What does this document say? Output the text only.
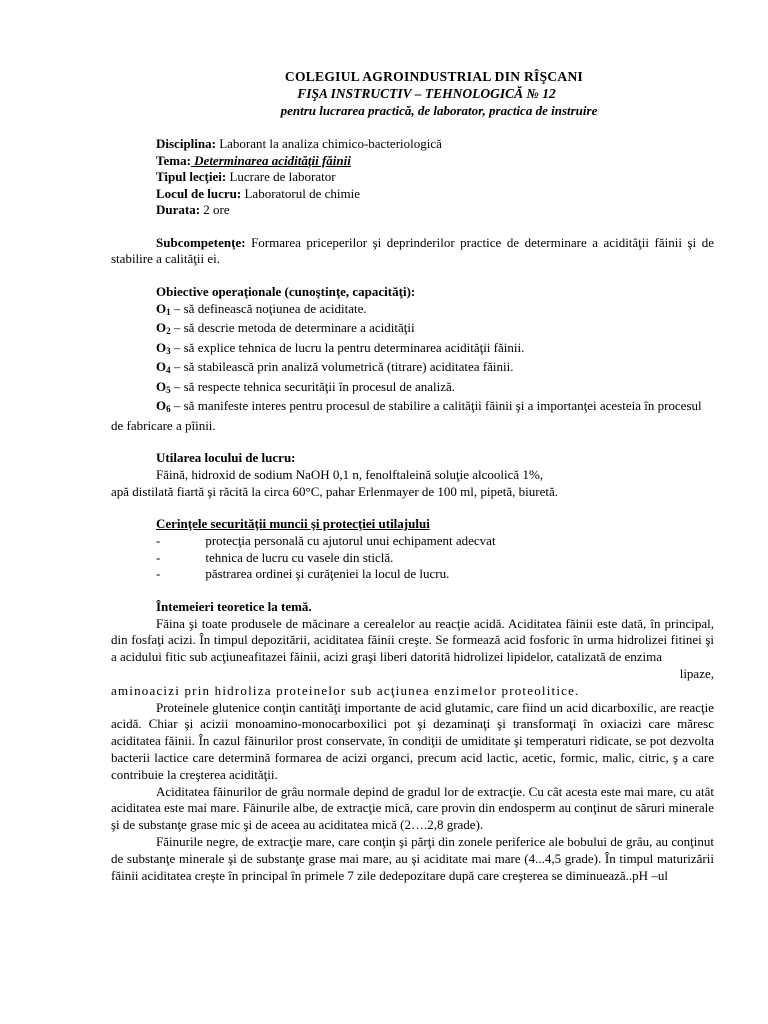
COLEGIUL AGROINDUSTRIAL DIN RÎŞCANI
FIŞA INSTRUCTIV – TEHNOLOGICĂ № 12
pentru lucrarea practică, de laborator, practica de instruire
Disciplina: Laborant la analiza chimico-bacteriologică
Tema: Determinarea acidităţii făinii
Tipul lecţiei: Lucrare de laborator
Locul de lucru: Laboratorul de chimie
Durata: 2 ore

Subcompetenţe: Formarea priceperilor şi deprinderilor practice de determinare a aciditâţii făinii şi de stabilire a calităţii ei.

Obiective operaţionale (cunoştinţe, capacităţi):
$O_1$ – să definească noţiunea de aciditate.
$O_2$ – să descrie metoda de determinare a acidităţii
$O_3$ – să explice tehnica de lucru la pentru determinarea acidităţii făinii.
$O_4$ – să stabilească prin analiză volumetrică (titrare) aciditatea făinii.
$O_5$ – să respecte tehnica securităţii în procesul de analiză.
$O_6$ – să manifeste interes pentru procesul de stabilire a calităţii făinii şi a importanţei acesteia în procesul de fabricare a pîinii.
Utilarea locului de lucru:
Făină, hidroxid de sodium NaOH 0,1 n, fenolftaleină soluţie alcoolică 1%,
apă distilată fiartă şi răcită la circa 60°C, pahar Erlenmayer de 100 ml, pipetă, biuretă.
Cerinţele securităţii muncii şi protecţiei utilajului
-	protecţia personală cu ajutorul unui echipament adecvat
-	tehnica de lucru cu vasele din sticlă.
-	păstrarea ordinei şi curăţeniei la locul de lucru.
Întemeieri teoretice la temă.

Făina şi toate produsele de măcinare a cerealelor au reacţie acidă. Aciditatea făinii este dată, în principal, din fosfaţi acizi. În timpul depozitării, aciditatea făinii creşte. Se formează acid fosforic în urma hidrolizei fitinei şi a acidului fitic sub acţiuneafitazei făinii, acizi graşi liberi datorită hidrolizei lipidelor, catalizată de enzima

lipaze,

aminoacizi prin hidroliza proteinelor sub acţiunea enzimelor proteolitice.

Proteinele glutenice conţin cantităţi importante de acid glutamic, care fiind un acid dicarboxilic, are reacţie acidă. Chiar şi acizii monoamino-monocarboxilici pot şi dezaminaţi şi transformaţi în oxiacizi care măresc aciditatea făinii. În cazul făinurilor prost conservate, în condiţii de umiditate şi temperaturi ridicate, se pot dezvolta bacterii lactice care determină formarea de acizi organci, precum acid lactic, acetic, formic, malic, citric, ş a care contribuie la creşterea acidităţii.

Aciditatea făinurilor de grâu normale depind de gradul lor de extracţie. Cu cât acesta este mai mare, cu atât aciditatea este mai mare. Făinurile albe, de extracţie mică, care provin din endosperm au conţinut de săruri minerale şi de substanţe grase mic şi de aceea au aciditatea mică (2….2,8 grade).

Făinurile negre, de extracţie mare, care conţin şi părţi din zonele periferice ale bobului de grâu, au conţinut de substanţe minerale şi de substanţe grase mai mare, au şi aciditate mai mare (4...4,5 grade). În timpul maturizării făinii aciditatea creşte în principal în primele 7 zile dedepozitare după care creşterea se diminuează..pH –ul
